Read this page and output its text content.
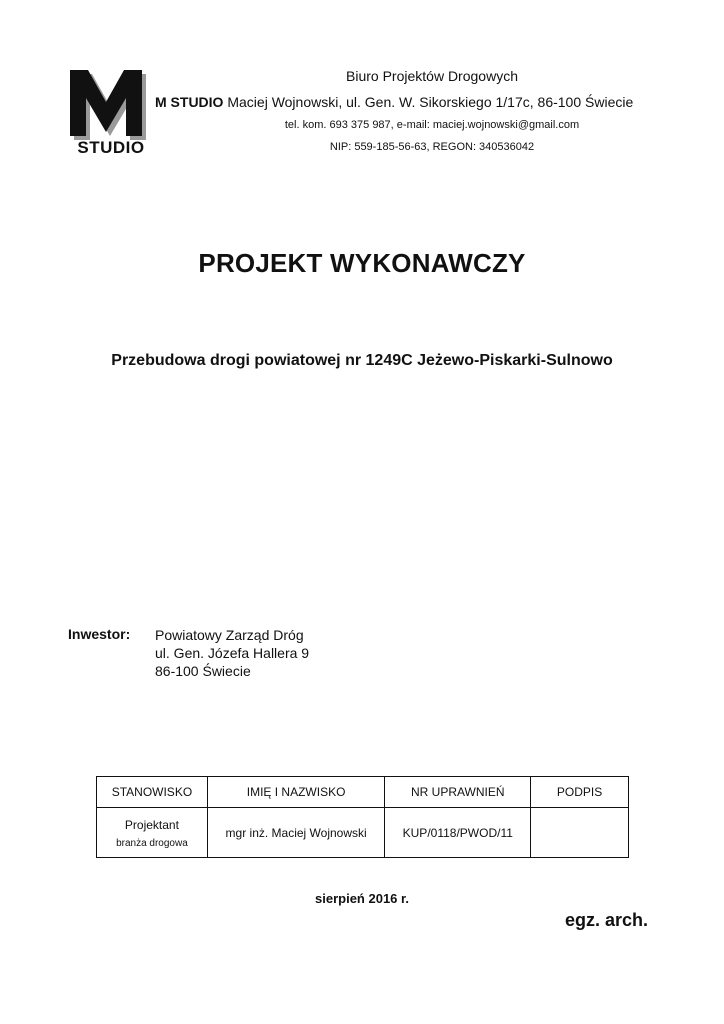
STUDIO
Biuro Projektów Drogowych
M STUDIO Maciej Wojnowski, ul. Gen. W. Sikorskiego 1/17c, 86-100 Świecie
tel. kom. 693 375 987, e-mail: maciej.wojnowski@gmail.com
NIP: 559-185-56-63, REGON: 340536042
PROJEKT WYKONAWCZY
Przebudowa drogi powiatowej nr 1249C Jeżewo-Piskarki-Sulnowo
Inwestor: Powiatowy Zarząd Dróg
ul. Gen. Józefa Hallera 9
86-100 Świecie
STANOWISKO	IMIĘ I NAZWISKO	NR UPRAWNIEŃ	PODPIS

Projektant
branża drogowa	mgr inż. Maciej Wojnowski	KUP/0118/PWOD/11	
sierpień 2016 r.
egz. arch.
